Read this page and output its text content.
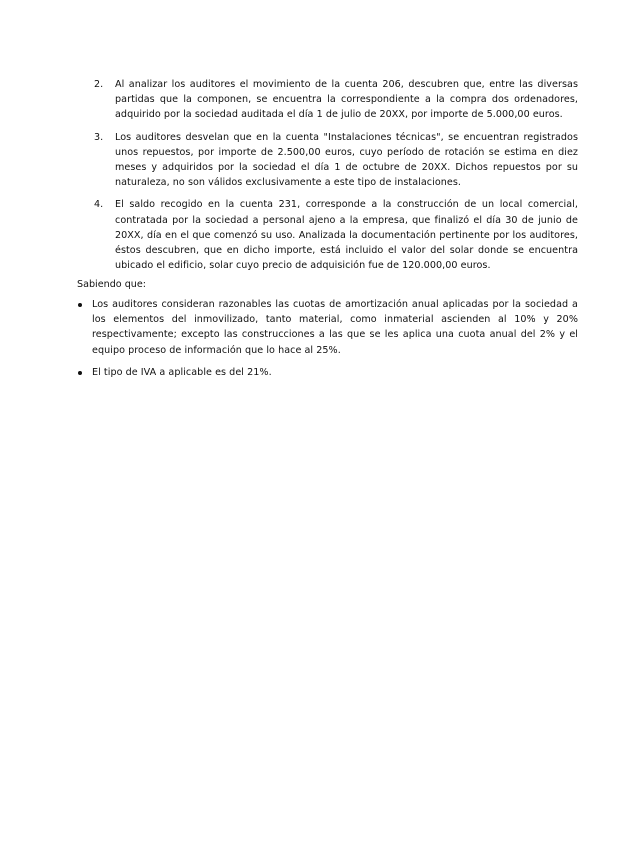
2. Al analizar los auditores el movimiento de la cuenta 206, descubren que, entre las diversas partidas que la componen, se encuentra la correspondiente a la compra dos ordenadores, adquirido por la sociedad auditada el día 1 de julio de 20XX, por importe de 5.000,00 euros.
3. Los auditores desvelan que en la cuenta "Instalaciones técnicas", se encuentran registrados unos repuestos, por importe de 2.500,00 euros, cuyo período de rotación se estima en diez meses y adquiridos por la sociedad el día 1 de octubre de 20XX. Dichos repuestos por su naturaleza, no son válidos exclusivamente a este tipo de instalaciones.
4. El saldo recogido en la cuenta 231, corresponde a la construcción de un local comercial, contratada por la sociedad a personal ajeno a la empresa, que finalizó el día 30 de junio de 20XX, día en el que comenzó su uso. Analizada la documentación pertinente por los auditores, éstos descubren, que en dicho importe, está incluido el valor del solar donde se encuentra ubicado el edificio, solar cuyo precio de adquisición fue de 120.000,00 euros.
Sabiendo que:
Los auditores consideran razonables las cuotas de amortización anual aplicadas por la sociedad a los elementos del inmovilizado, tanto material, como inmaterial ascienden al 10% y 20% respectivamente; excepto las construcciones a las que se les aplica una cuota anual del 2% y el equipo proceso de información que lo hace al 25%.
El tipo de IVA a aplicable es del 21%.
